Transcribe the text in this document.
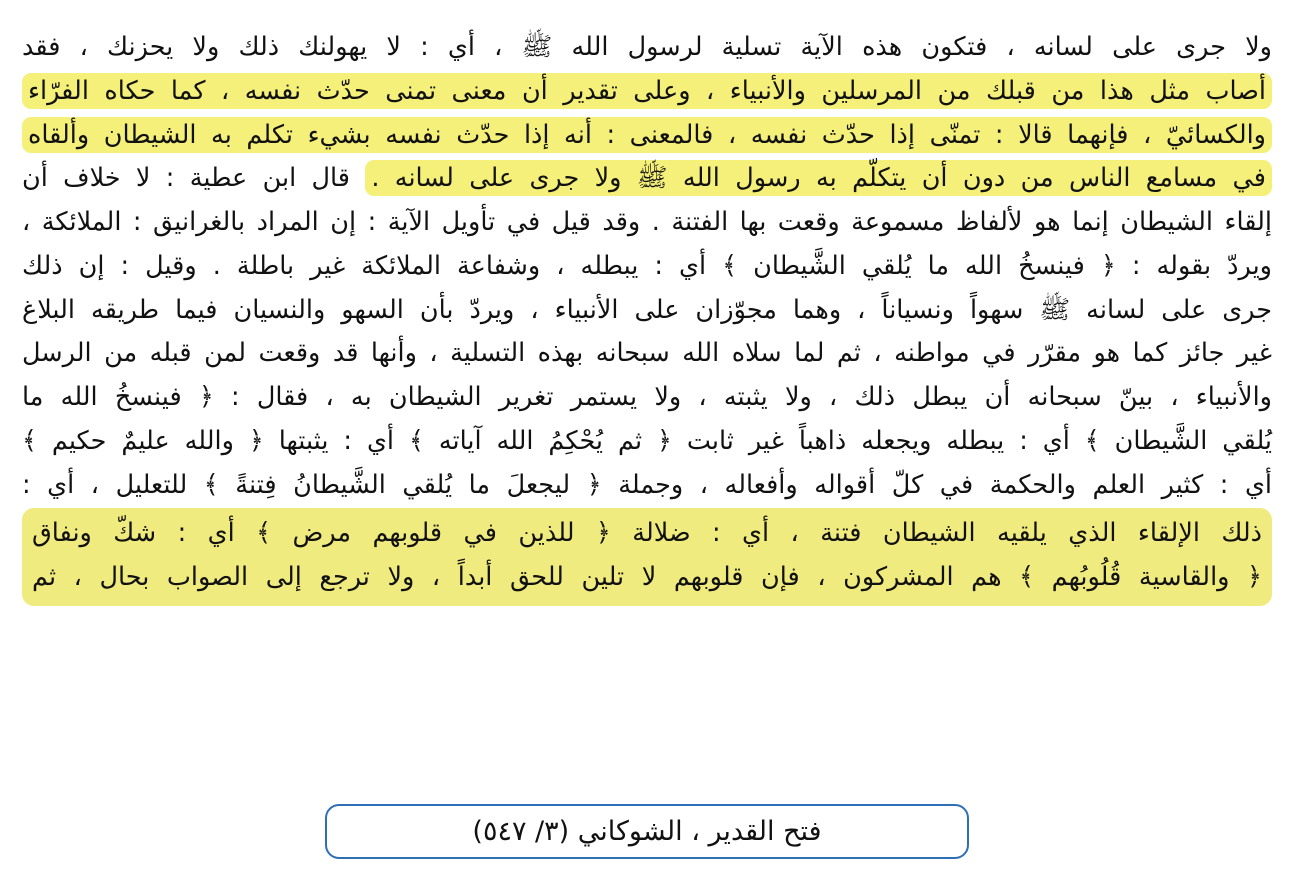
ولا جرى على لسانه ، فتكون هذه الآية تسلية لرسول الله ﷺ ، أي : لا يهولنك ذلك ولا يحزنك ، فقد
أصاب مثل هذا من قبلك من المرسلين والأنبياء ، وعلى تقدير أن معنى تمنى حدّث نفسه ، كما حكاه الفرّاء
والكسائيّ ، فإنهما قالا : تمنّى إذا حدّث نفسه ، فالمعنى : أنه إذا حدّث نفسه بشيء تكلم به الشيطان وألقاه
في مسامع الناس من دون أن يتكلّم به رسول الله ﷺ ولا جرى على لسانه . قال ابن عطية : لا خلاف أن
إلقاء الشيطان إنما هو لألفاظ مسموعة وقعت بها الفتنة . وقد قيل في تأويل الآية : إن المراد بالغرانيق : الملائكة ،
ويردّ بقوله : ﴿ فينسخُ الله ما يُلقي الشَّيطان ﴾ أي : يبطله ، وشفاعة الملائكة غير باطلة . وقيل : إن ذلك
جرى على لسانه ﷺ سهواً ونسياناً ، وهما مجوّزان على الأنبياء ، ويردّ بأن السهو والنسيان فيما طريقه البلاغ
غير جائز كما هو مقرّر في مواطنه ، ثم لما سلاه الله سبحانه بهذه التسلية ، وأنها قد وقعت لمن قبله من الرسل
والأنبياء ، بينّ سبحانه أن يبطل ذلك ، ولا يثبته ، ولا يستمر تغرير الشيطان به ، فقال : ﴿ فينسخُ الله ما
يُلقي الشَّيطان ﴾ أي : يبطله ويجعله ذاهباً غير ثابت ﴿ ثم يُحْكِمُ الله آياته ﴾ أي : يثبتها ﴿ والله عليمٌ حكيم ﴾
أي : كثير العلم والحكمة في كلّ أقواله وأفعاله ، وجملة ﴿ ليجعلَ ما يُلقي الشَّيطانُ فِتنةً ﴾ للتعليل ، أي :
ذلك الإلقاء الذي يلقيه الشيطان فتنة ، أي : ضلالة ﴿ للذين في قلوبهم مرض ﴾ أي : شكّ ونفاق
﴿ والقاسية قُلُوبُهم ﴾ هم المشركون ، فإن قلوبهم لا تلين للحق أبداً ، ولا ترجع إلى الصواب بحال ، ثم
فتح القدير ، الشوكاني (٣/ ٥٤٧)
